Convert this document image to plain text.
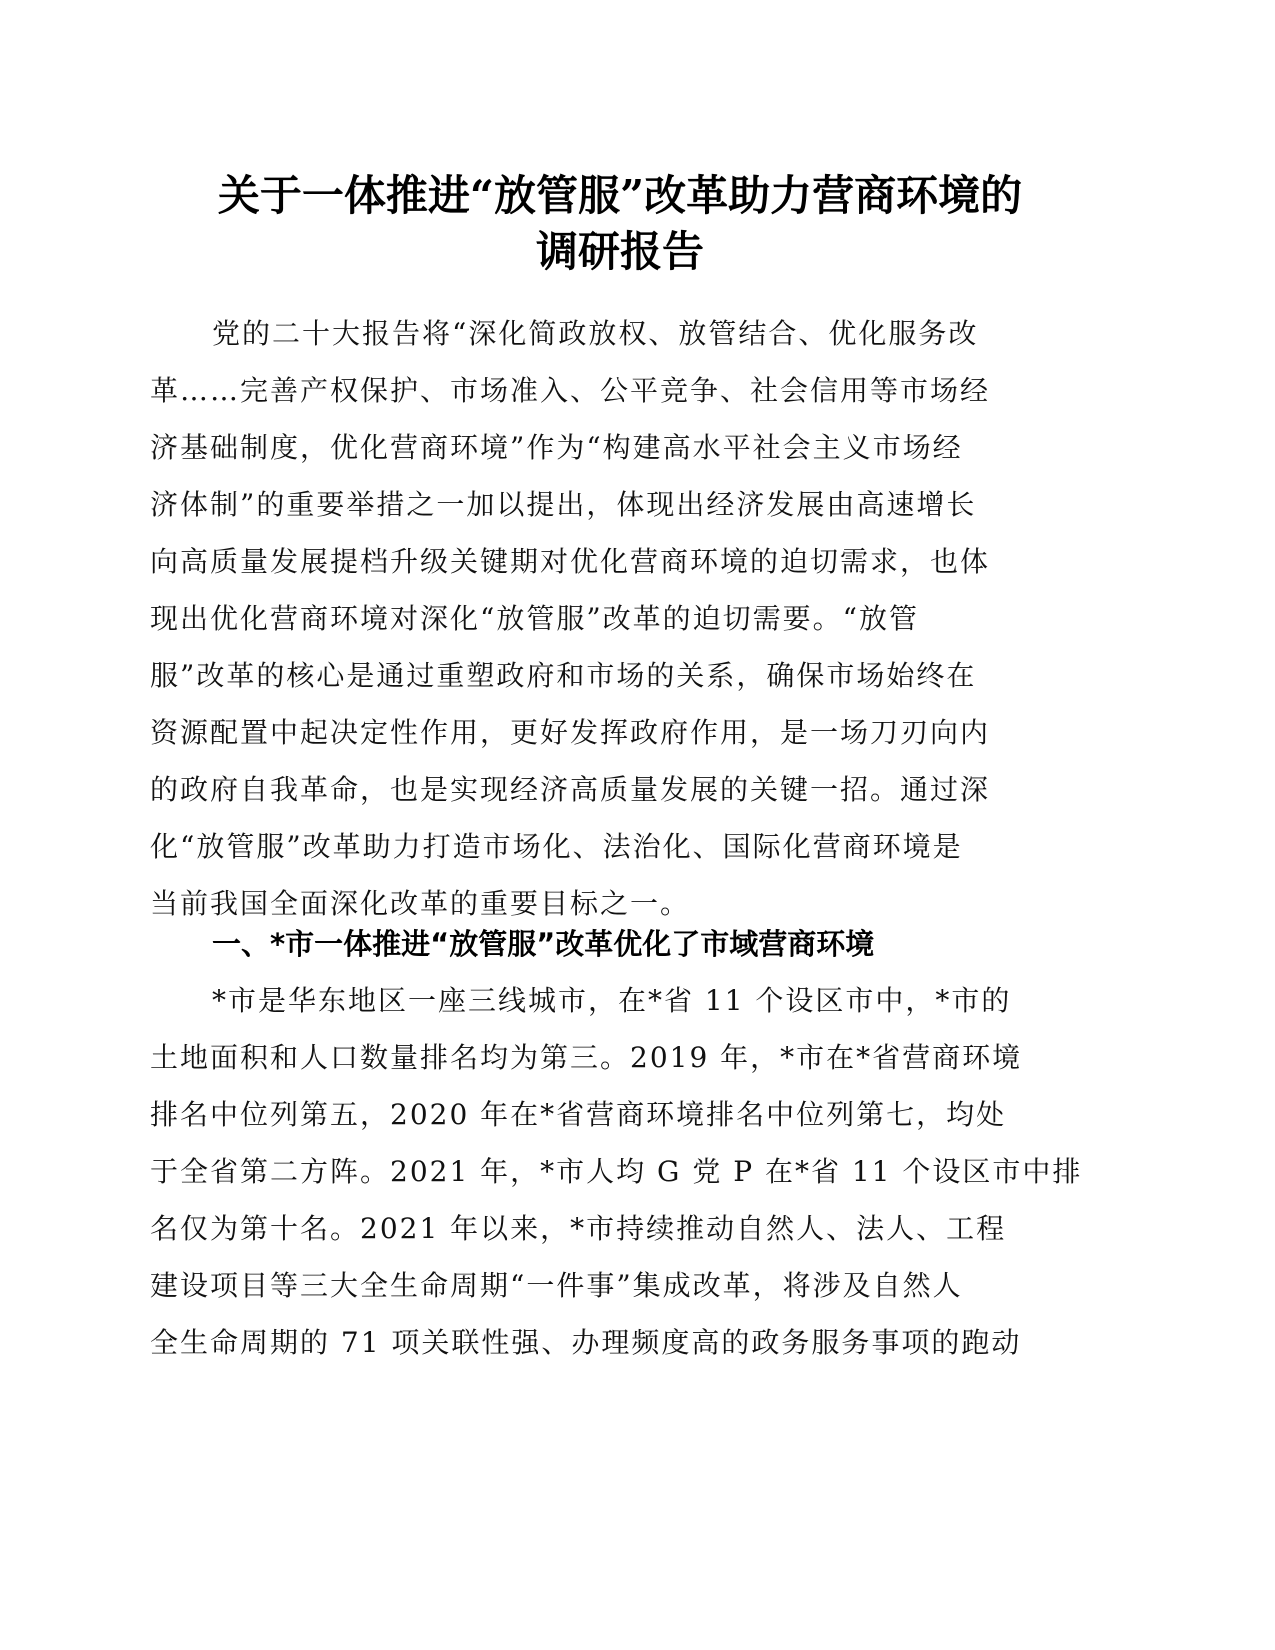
关于一体推进“放管服”改革助力营商环境的
调研报告
党的二十大报告将“深化简政放权、放管结合、优化服务改
革……完善产权保护、市场准入、公平竞争、社会信用等市场经
济基础制度，优化营商环境”作为“构建高水平社会主义市场经
济体制”的重要举措之一加以提出，体现出经济发展由高速增长
向高质量发展提档升级关键期对优化营商环境的迫切需求，也体
现出优化营商环境对深化“放管服”改革的迫切需要。“放管
服”改革的核心是通过重塑政府和市场的关系，确保市场始终在
资源配置中起决定性作用，更好发挥政府作用，是一场刀刃向内
的政府自我革命，也是实现经济高质量发展的关键一招。通过深
化“放管服”改革助力打造市场化、法治化、国际化营商环境是
当前我国全面深化改革的重要目标之一。
一、*市一体推进“放管服”改革优化了市域营商环境
*市是华东地区一座三线城市，在*省 11 个设区市中，*市的
土地面积和人口数量排名均为第三。2019 年，*市在*省营商环境
排名中位列第五，2020 年在*省营商环境排名中位列第七，均处
于全省第二方阵。2021 年，*市人均 G 党 P 在*省 11 个设区市中排
名仅为第十名。2021 年以来，*市持续推动自然人、法人、工程
建设项目等三大全生命周期“一件事”集成改革，将涉及自然人
全生命周期的 71 项关联性强、办理频度高的政务服务事项的跑动
